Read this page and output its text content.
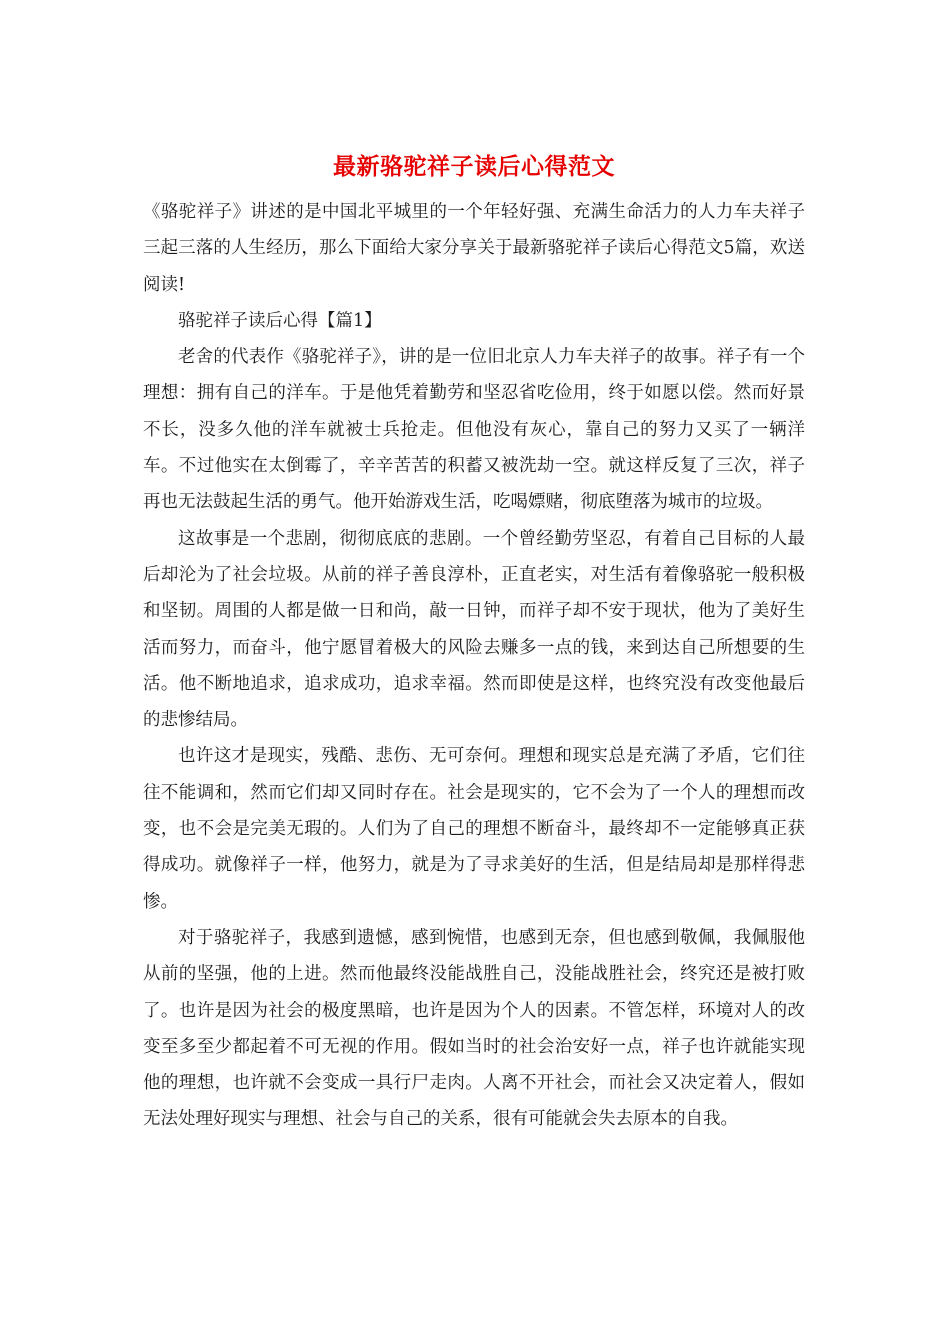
最新骆驼祥子读后心得范文

《骆驼祥子》讲述的是中国北平城里的一个年轻好强、充满生命活力的人力车夫祥子三起三落的人生经历，那么下面给大家分享关于最新骆驼祥子读后心得范文5篇，欢送阅读!

骆驼祥子读后心得【篇1】

老舍的代表作《骆驼祥子》，讲的是一位旧北京人力车夫祥子的故事。祥子有一个理想：拥有自己的洋车。于是他凭着勤劳和坚忍省吃俭用，终于如愿以偿。然而好景不长，没多久他的洋车就被士兵抢走。但他没有灰心，靠自己的努力又买了一辆洋车。不过他实在太倒霉了，辛辛苦苦的积蓄又被洗劫一空。就这样反复了三次，祥子再也无法鼓起生活的勇气。他开始游戏生活，吃喝嫖赌，彻底堕落为城市的垃圾。

这故事是一个悲剧，彻彻底底的悲剧。一个曾经勤劳坚忍，有着自己目标的人最后却沦为了社会垃圾。从前的祥子善良淳朴，正直老实，对生活有着像骆驼一般积极和坚韧。周围的人都是做一日和尚，敲一日钟，而祥子却不安于现状，他为了美好生活而努力，而奋斗，他宁愿冒着极大的风险去赚多一点的钱，来到达自己所想要的生活。他不断地追求，追求成功，追求幸福。然而即使是这样，也终究没有改变他最后的悲惨结局。

也许这才是现实，残酷、悲伤、无可奈何。理想和现实总是充满了矛盾，它们往往不能调和，然而它们却又同时存在。社会是现实的，它不会为了一个人的理想而改变，也不会是完美无瑕的。人们为了自己的理想不断奋斗，最终却不一定能够真正获得成功。就像祥子一样，他努力，就是为了寻求美好的生活，但是结局却是那样得悲惨。

对于骆驼祥子，我感到遗憾，感到惋惜，也感到无奈，但也感到敬佩，我佩服他从前的坚强，他的上进。然而他最终没能战胜自己，没能战胜社会，终究还是被打败了。也许是因为社会的极度黑暗，也许是因为个人的因素。不管怎样，环境对人的改变至多至少都起着不可无视的作用。假如当时的社会治安好一点，祥子也许就能实现他的理想，也许就不会变成一具行尸走肉。人离不开社会，而社会又决定着人，假如无法处理好现实与理想、社会与自己的关系，很有可能就会失去原本的自我。
